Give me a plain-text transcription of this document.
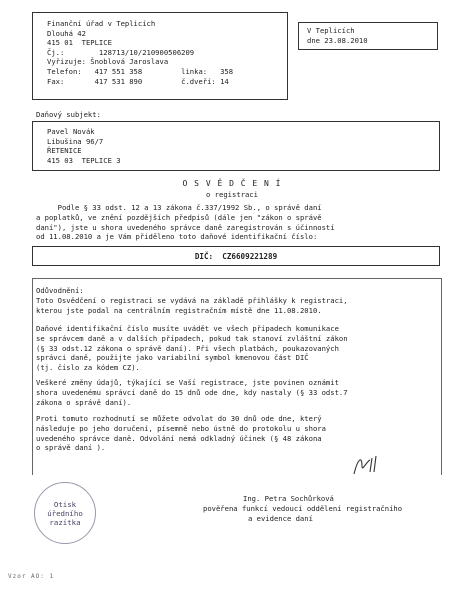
Finanční úřad v Teplicích
Dlouhá 42
415 01  TEPLICE
Čj.:        128713/10/210900506209
Vyřizuje: Šnoblová Jaroslava
Telefon:   417 551 358         linka:   358
Fax:       417 531 890         č.dveří: 14
V Teplicích
dne 23.08.2010
Daňový subjekt:
Pavel Novák
Libušina 96/7
ŘETENICE
415 03  TEPLICE 3
O S V Ě D Č E N Í
o registraci
Podle § 33 odst. 12 a 13 zákona č.337/1992 Sb., o správě daní
a poplatků, ve znění pozdějších předpisů (dále jen "zákon o správě
daní"), jste u shora uvedeného správce daně zaregistrován s účinností
od 11.08.2010 a je Vám přiděleno toto daňové identifikační číslo:
DIČ:  CZ6609221289
Odůvodnění:
Toto Osvědčení o registraci se vydává na základě přihlášky k registraci,
kterou jste podal na centrálním registračním místě dne 11.08.2010.
Daňové identifikační číslo musíte uvádět ve všech případech komunikace
se správcem daně a v dalších případech, pokud tak stanoví zvláštní zákon
(§ 33 odst.12 zákona o správě daní). Při všech platbách, poukazovaných
správci daně, použijte jako variabilní symbol kmenovou část DIČ
(tj. číslo za kódem CZ).
Veškeré změny údajů, týkající se Vaší registrace, jste povinen oznámit
shora uvedenému správci daně do 15 dnů ode dne, kdy nastaly (§ 33 odst.7
zákona o správě daní).
Proti tomuto rozhodnutí se můžete odvolat do 30 dnů ode dne, který
následuje po jeho doručení, písemně nebo ústně do protokolu u shora
uvedeného správce daně. Odvolání nemá odkladný účinek (§ 48 zákona
o správě daní ).
Otisk
úředního
razítka
Ing. Petra Sochůrková
pověřena funkcí vedoucí oddělení registračního
a evidence daní
Vzor AO: 1
